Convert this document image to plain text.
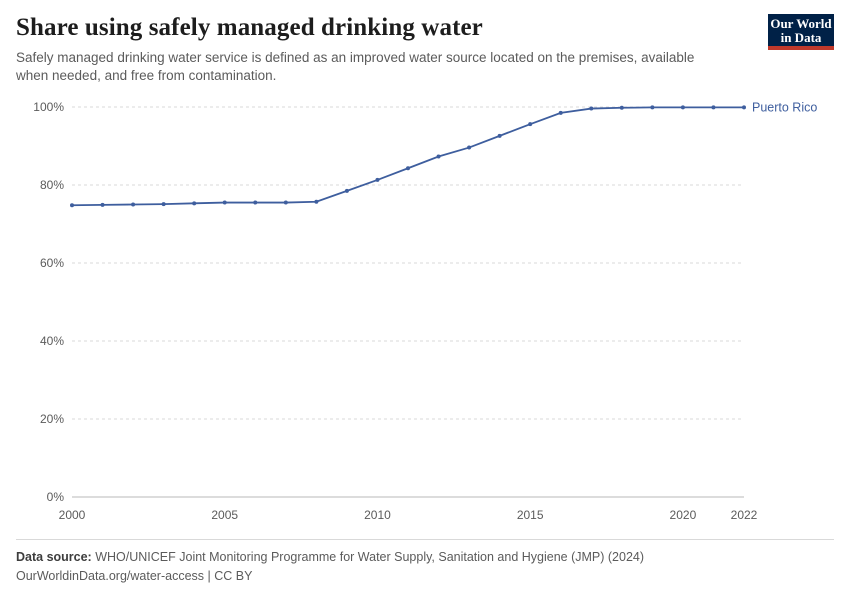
Share using safely managed drinking water

Safely managed drinking water service is defined as an improved water source located on the premises, available when needed, and free from contamination.

Our World
in Data
0%
20%
40%
60%
80%
100%
2000	2005	2010	2015	2020	2022
Puerto Rico
Data source: WHO/UNICEF Joint Monitoring Programme for Water Supply, Sanitation and Hygiene (JMP) (2024)
OurWorldinData.org/water-access | CC BY
